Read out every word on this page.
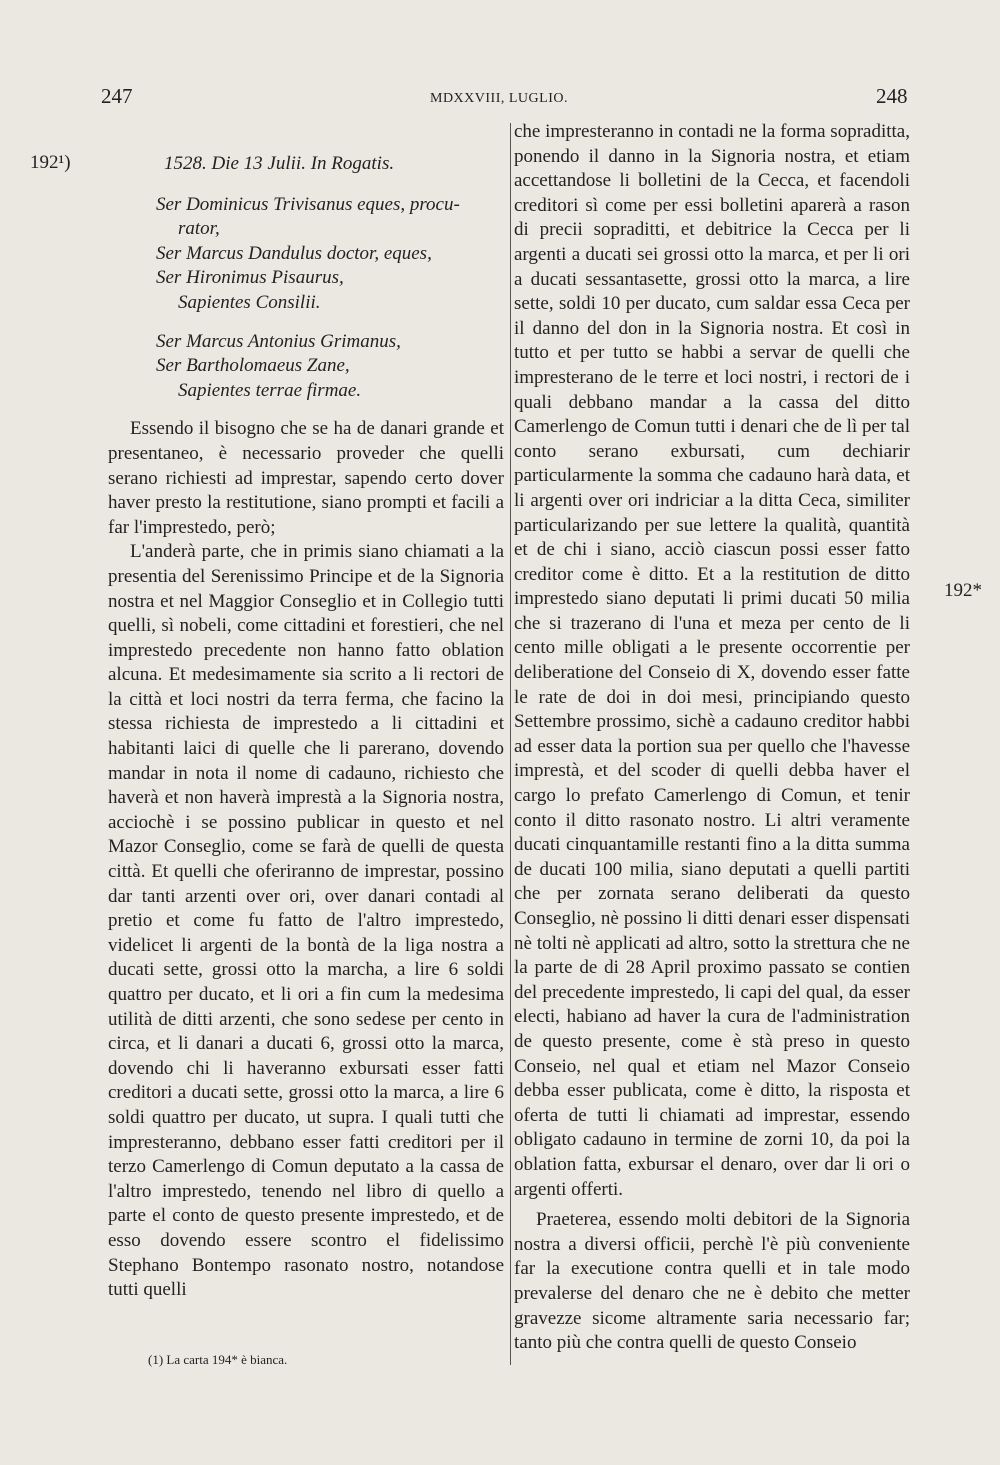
247	MDXXVIII, LUGLIO.	248
192¹)
192*
1528. Die 13 Julii. In Rogatis.
Ser Dominicus Trivisanus eques, procu-
rator,
Ser Marcus Dandulus doctor, eques,
Ser Hironimus Pisaurus,
Sapientes Consilii.
Ser Marcus Antonius Grimanus,
Ser Bartholomaeus Zane,
Sapientes terrae firmae.

Essendo il bisogno che se ha de danari grande et presentaneo, è necessario proveder che quelli serano richiesti ad imprestar, sapendo certo dover haver presto la restitutione, siano prompti et facili a far l'imprestedo, però;

L'anderà parte, che in primis siano chiamati a la presentia del Serenissimo Principe et de la Signoria nostra et nel Maggior Conseglio et in Collegio tutti quelli, sì nobeli, come cittadini et forestieri, che nel imprestedo precedente non hanno fatto oblation alcuna. Et medesimamente sia scrito a li rectori de la città et loci nostri da terra ferma, che facino la stessa richiesta de imprestedo a li cittadini et habitanti laici di quelle che li parerano, dovendo mandar in nota il nome di cadauno, richiesto che haverà et non haverà imprestà a la Signoria nostra, acciochè i se possino publicar in questo et nel Mazor Conseglio, come se farà de quelli de questa città. Et quelli che oferiranno de imprestar, possino dar tanti arzenti over ori, over danari contadi al pretio et come fu fatto de l'altro imprestedo, videlicet li argenti de la bontà de la liga nostra a ducati sette, grossi otto la marcha, a lire 6 soldi quattro per ducato, et li ori a fin cum la medesima utilità de ditti arzenti, che sono sedese per cento in circa, et li danari a ducati 6, grossi otto la marca, dovendo chi li haveranno exbursati esser fatti creditori a ducati sette, grossi otto la marca, a lire 6 soldi quattro per ducato, ut supra. I quali tutti che impresteranno, debbano esser fatti creditori per il terzo Camerlengo di Comun deputato a la cassa de l'altro imprestedo, tenendo nel libro di quello a parte el conto de questo presente imprestedo, et de esso dovendo essere scontro el fidelissimo Stephano Bontempo rasonato nostro, notandose tutti quelli

che impresteranno in contadi ne la forma sopraditta, ponendo il danno in la Signoria nostra, et etiam accettandose li bolletini de la Cecca, et facendoli creditori sì come per essi bolletini aparerà a rason di precii sopraditti, et debitrice la Cecca per li argenti a ducati sei grossi otto la marca, et per li ori a ducati sessantasette, grossi otto la marca, a lire sette, soldi 10 per ducato, cum saldar essa Ceca per il danno del don in la Signoria nostra. Et così in tutto et per tutto se habbi a servar de quelli che impresterano de le terre et loci nostri, i rectori de i quali debbano mandar a la cassa del ditto Camerlengo de Comun tutti i denari che de lì per tal conto serano exbursati, cum dechiarir particularmente la somma che cadauno harà data, et li argenti over ori indriciar a la ditta Ceca, similiter particularizando per sue lettere la qualità, quantità et de chi i siano, acciò ciascun possi esser fatto creditor come è ditto. Et a la restitution de ditto imprestedo siano deputati li primi ducati 50 milia che si trazerano di l'una et meza per cento de li cento mille obligati a le presente occorrentie per deliberatione del Conseio di X, dovendo esser fatte le rate de doi in doi mesi, principiando questo Settembre prossimo, sichè a cadauno creditor habbi ad esser data la portion sua per quello che l'havesse imprestà, et del scoder di quelli debba haver el cargo lo prefato Camerlengo di Comun, et tenir conto il ditto rasonato nostro. Li altri veramente ducati cinquantamille restanti fino a la ditta summa de ducati 100 milia, siano deputati a quelli partiti che per zornata serano deliberati da questo Conseglio, nè possino li ditti denari esser dispensati nè tolti nè applicati ad altro, sotto la strettura che ne la parte de di 28 April proximo passato se contien del precedente imprestedo, li capi del qual, da esser electi, habiano ad haver la cura de l'administration de questo presente, come è stà preso in questo Conseio, nel qual et etiam nel Mazor Conseio debba esser publicata, come è ditto, la risposta et oferta de tutti li chiamati ad imprestar, essendo obligato cadauno in termine de zorni 10, da poi la oblation fatta, exbursar el denaro, over dar li ori o argenti offerti.

Praeterea, essendo molti debitori de la Signoria nostra a diversi officii, perchè l'è più conveniente far la executione contra quelli et in tale modo prevalerse del denaro che ne è debito che metter gravezze sicome altramente saria necessario far; tanto più che contra quelli de questo Conseio

(1) La carta 194* è bianca.
